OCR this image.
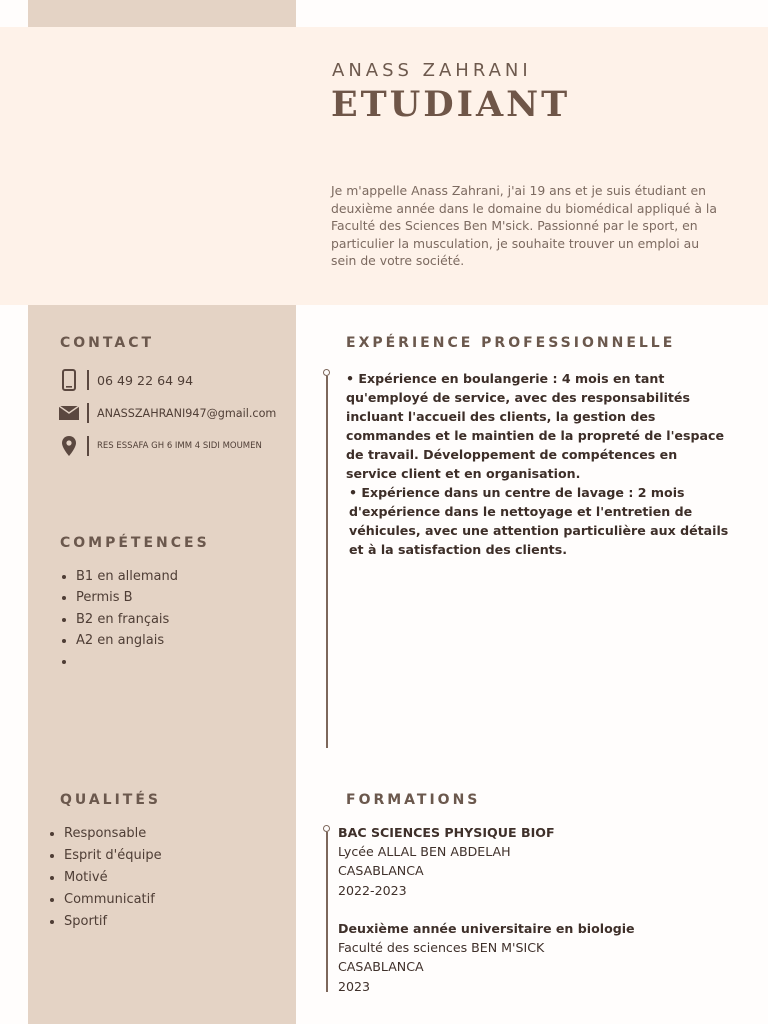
ANASS ZAHRANI
ETUDIANT
Je m'appelle Anass Zahrani, j'ai 19 ans et je suis étudiant en deuxième année dans le domaine du biomédical appliqué à la Faculté des Sciences Ben M'sick. Passionné par le sport, en particulier la musculation, je souhaite trouver un emploi au sein de votre société.
CONTACT
06 49 22 64 94
ANASSZAHRANI947@gmail.com
RES ESSAFA GH 6 IMM 4 SIDI MOUMEN
COMPÉTENCES
• B1 en allemand
• Permis B
• B2 en français
• A2 en anglais
•
QUALITÉS
• Responsable
• Esprit d'équipe
• Motivé
• Communicatif
• Sportif
EXPÉRIENCE PROFESSIONNELLE
• Expérience en boulangerie : 4 mois en tant qu'employé de service, avec des responsabilités incluant l'accueil des clients, la gestion des commandes et le maintien de la propreté de l'espace de travail. Développement de compétences en service client et en organisation.
• Expérience dans un centre de lavage : 2 mois d'expérience dans le nettoyage et l'entretien de véhicules, avec une attention particulière aux détails et à la satisfaction des clients.
FORMATIONS
BAC SCIENCES PHYSIQUE BIOF
Lycée ALLAL BEN ABDELAH
CASABLANCA
2022-2023
Deuxième année universitaire en biologie
Faculté des sciences BEN M'SICK
CASABLANCA
2023
